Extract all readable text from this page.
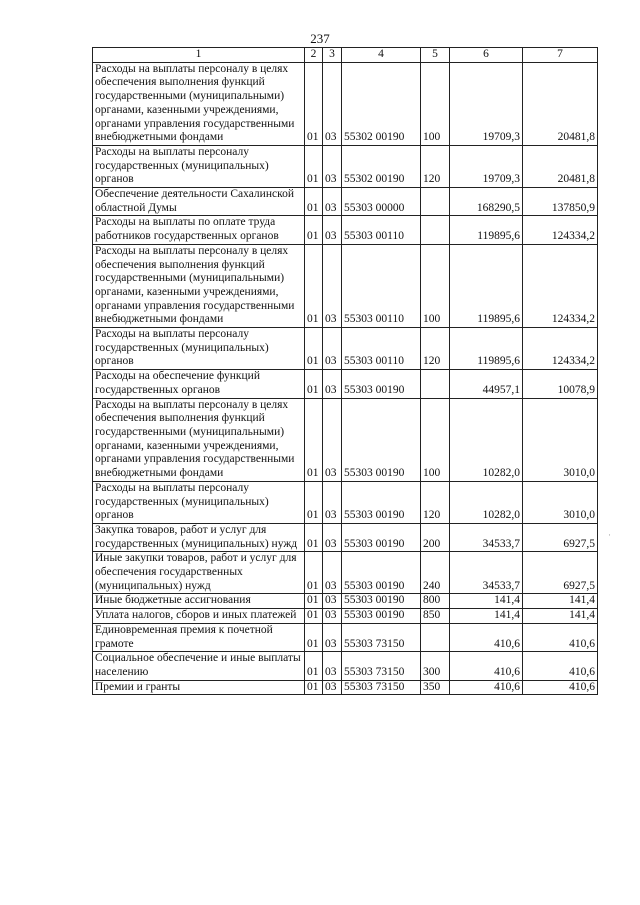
237
1	2	3	4	5	6	7
Расходы на выплаты персоналу в целях обеспечения выполнения функций государственными (муниципальными) органами, казенными учреждениями, органами управления государственными внебюджетными фондами	01	03	55302 00190	100	19709,3	20481,8
Расходы на выплаты персоналу государственных (муниципальных) органов	01	03	55302 00190	120	19709,3	20481,8
Обеспечение деятельности Сахалинской областной Думы	01	03	55303 00000		168290,5	137850,9
Расходы на выплаты по оплате труда работников государственных органов	01	03	55303 00110		119895,6	124334,2
Расходы на выплаты персоналу в целях обеспечения выполнения функций государственными (муниципальными) органами, казенными учреждениями, органами управления государственными внебюджетными фондами	01	03	55303 00110	100	119895,6	124334,2
Расходы на выплаты персоналу государственных (муниципальных) органов	01	03	55303 00110	120	119895,6	124334,2
Расходы на обеспечение функций государственных органов	01	03	55303 00190		44957,1	10078,9
Расходы на выплаты персоналу в целях обеспечения выполнения функций государственными (муниципальными) органами, казенными учреждениями, органами управления государственными внебюджетными фондами	01	03	55303 00190	100	10282,0	3010,0
Расходы на выплаты персоналу государственных (муниципальных) органов	01	03	55303 00190	120	10282,0	3010,0
Закупка товаров, работ и услуг для государственных (муниципальных) нужд	01	03	55303 00190	200	34533,7	6927,5
Иные закупки товаров, работ и услуг для обеспечения государственных (муниципальных) нужд	01	03	55303 00190	240	34533,7	6927,5
Иные бюджетные ассигнования	01	03	55303 00190	800	141,4	141,4
Уплата налогов, сборов и иных платежей	01	03	55303 00190	850	141,4	141,4
Единовременная премия к почетной грамоте	01	03	55303 73150		410,6	410,6
Социальное обеспечение и иные выплаты населению	01	03	55303 73150	300	410,6	410,6
Премии и гранты	01	03	55303 73150	350	410,6	410,6
·
